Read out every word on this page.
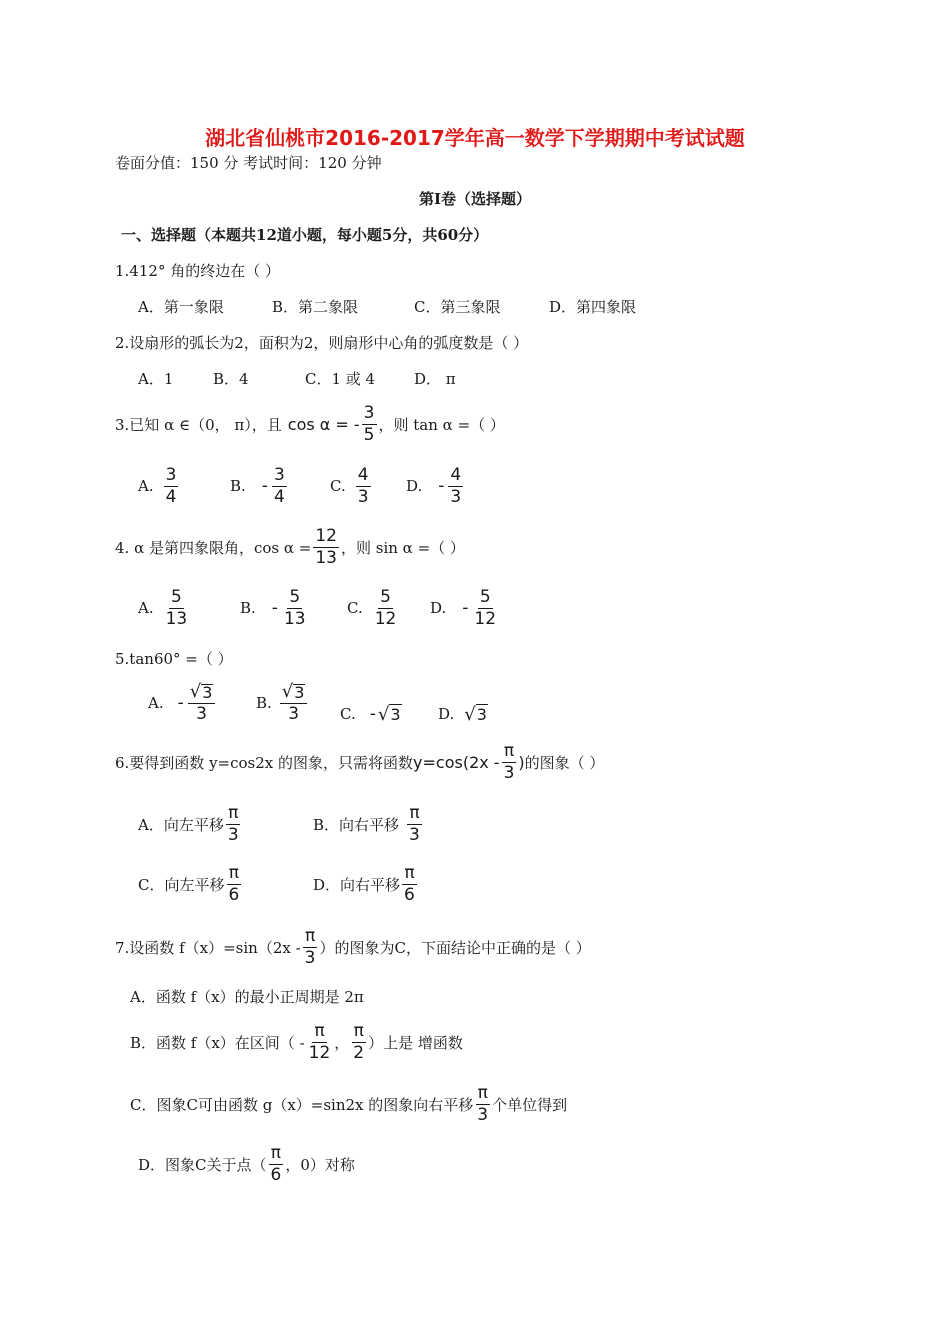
湖北省仙桃市2016-2017学年高一数学下学期期中考试试题
卷面分值：150 分 考试时间：120 分钟
第Ⅰ卷（选择题）
一、选择题（本题共12道小题，每小题5分，共60分）
1.412° 角的终边在（ ）
A．第一象限	B．第二象限	C．第三象限	D．第四象限
2.设扇形的弧长为2，面积为2，则扇形中心角的弧度数是（ ）
A．1	B．4	C．1 或 4	D． π
3.已知 α ∈（0， π），且 cos α = - $\frac{3}{5}$ ，则 tan α =（ ）
A. $\frac{3}{4}$	B. - $\frac{3}{4}$	C. $\frac{4}{3} D$. - $\frac{4}{3}$
4. α 是第四象限角，$\cos \alpha = \frac{12}{13}$ ，则 sin α =（ ）
A. $\frac{5}{13}$	B. - $\frac{5}{13}$	C. $\frac{5}{12} D$. - $\frac{5}{12}$
5.tan60° =（ ）
A. - $\frac{√ 3}{3}$	B. $\frac{√ 3}{3} C$. - √ 3 D. √ 3
6.要得到函数 y=cos2x 的图象，只需将函数 $y=\cos(2x - \frac{\pi}{3}$ ) 的图象（ ）
A．向左平移 $\frac{\pi}{3}$	B．向右平移 $\frac{\pi}{3}$
C．向左平移 $\frac{\pi}{6}$	D．向右平移 $\frac{\pi}{6}$
7.设函数 $f(x)=\sin(2x - \frac{\pi}{3}$ ）的图象为C，下面结论中正确的是（ ）
A．函数 f（x）的最小正周期是 2π
B．函数 f（x）在区间（ - $\frac{\pi}{12}$ ， $\frac{\pi}{2}$ ）上是 增函数
C．图象C可由函数 g（x）=sin2x 的图象向右平移 $\frac{\pi}{3}$ 个单位得到
D．图象C关于点（ $\frac{\pi}{6}$ ，0）对称
